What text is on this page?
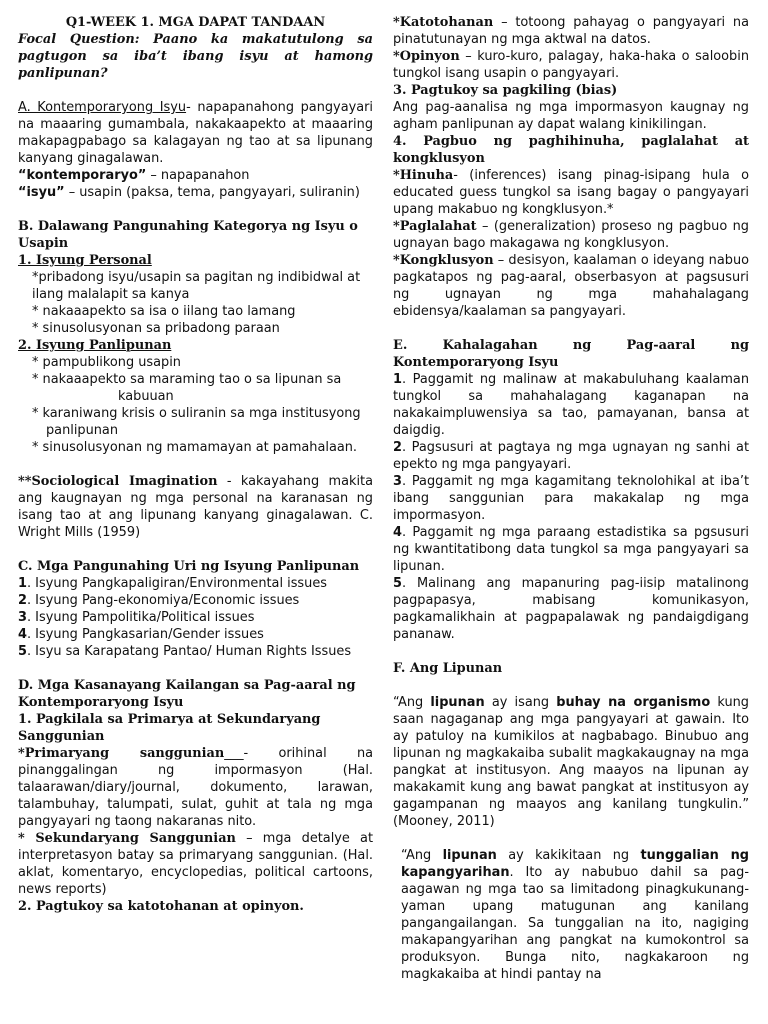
Q1-WEEK 1. MGA DAPAT TANDAAN

Focal Question: Paano ka makatutulong sa pagtugon sa iba’t ibang isyu at hamong panlipunan?

A. Kontemporaryong Isyu- napapanahong pangyayari na maaaring gumambala, nakakaapekto at maaaring makapagpabago sa kalagayan ng tao at sa lipunang kanyang ginagalawan.

“kontemporaryo” – napapanahon

“isyu” – usapin (paksa, tema, pangyayari, suliranin)

B. Dalawang Pangunahing Kategorya ng Isyu o Usapin

1. Isyung Personal

*pribadong isyu/usapin sa pagitan ng indibidwal at ilang malalapit sa kanya

* nakaaapekto sa isa o iilang tao lamang

* sinusolusyonan sa pribadong paraan

2. Isyung Panlipunan

* pampublikong usapin

* nakaaapekto sa maraming tao o sa lipunan sa

kabuuan

* karaniwang krisis o suliranin sa mga institusyong

panlipunan

* sinusolusyonan ng mamamayan at pamahalaan.

**Sociological Imagination - kakayahang makita ang kaugnayan ng mga personal na karanasan ng isang tao at ang lipunang kanyang ginagalawan. C. Wright Mills (1959)

C. Mga Pangunahing Uri ng Isyung Panlipunan

1. Isyung Pangkapaligiran/Environmental issues

2. Isyung Pang-ekonomiya/Economic issues

3. Isyung Pampolitika/Political issues

4. Isyung Pangkasarian/Gender issues

5. Isyu sa Karapatang Pantao/ Human Rights Issues

D. Mga Kasanayang Kailangan sa Pag-aaral ng Kontemporaryong Isyu

1. Pagkilala sa Primarya at Sekundaryang Sanggunian

*Primaryang sanggunian___- orihinal na pinanggalingan ng impormasyon (Hal. talaarawan/diary/journal, dokumento, larawan, talambuhay, talumpati, sulat, guhit at tala ng mga pangyayari ng taong nakaranas nito.

* Sekundaryang Sanggunian – mga detalye at interpretasyon batay sa primaryang sanggunian. (Hal. aklat, komentaryo, encyclopedias, political cartoons, news reports)

2. Pagtukoy sa katotohanan at opinyon.

*Katotohanan – totoong pahayag o pangyayari na pinatutunayan ng mga aktwal na datos.

*Opinyon – kuro-kuro, palagay, haka-haka o saloobin tungkol isang usapin o pangyayari.

3. Pagtukoy sa pagkiling (bias)

Ang pag-aanalisa ng mga impormasyon kaugnay ng agham panlipunan ay dapat walang kinikilingan.

4. Pagbuo ng paghihinuha, paglalahat at kongklusyon

*Hinuha- (inferences) isang pinag-isipang hula o educated guess tungkol sa isang bagay o pangyayari upang makabuo ng kongklusyon.*

*Paglalahat – (generalization) proseso ng pagbuo ng ugnayan bago makagawa ng kongklusyon.

*Kongklusyon – desisyon, kaalaman o ideyang nabuo pagkatapos ng pag-aaral, obserbasyon at pagsusuri ng ugnayan ng mga mahahalagang ebidensya/kaalaman sa pangyayari.

E. Kahalagahan ng Pag-aaral ng Kontemporaryong Isyu

1. Paggamit ng malinaw at makabuluhang kaalaman tungkol sa mahahalagang kaganapan na nakakaimpluwensiya sa tao, pamayanan, bansa at daigdig.

2. Pagsusuri at pagtaya ng mga ugnayan ng sanhi at epekto ng mga pangyayari.

3. Paggamit ng mga kagamitang teknolohikal at iba’t ibang sanggunian para makakalap ng mga impormasyon.

4. Paggamit ng mga paraang estadistika sa pgsusuri ng kwantitatibong data tungkol sa mga pangyayari sa lipunan.

5. Malinang ang mapanuring pag-iisip matalinong pagpapasya, mabisang komunikasyon, pagkamalikhain at pagpapalawak ng pandaigdigang pananaw.

F. Ang Lipunan

“Ang lipunan ay isang buhay na organismo kung saan nagaganap ang mga pangyayari at gawain. Ito ay patuloy na kumikilos at nagbabago. Binubuo ang lipunan ng magkakaiba subalit magkakaugnay na mga pangkat at institusyon. Ang maayos na lipunan ay makakamit kung ang bawat pangkat at institusyon ay gagampanan ng maayos ang kanilang tungkulin.” (Mooney, 2011)

“Ang lipunan ay kakikitaan ng tunggalian ng kapangyarihan. Ito ay nabubuo dahil sa pag-aagawan ng mga tao sa limitadong pinagkukunang-yaman upang matugunan ang kanilang pangangailangan. Sa tunggalian na ito, nagiging makapangyarihan ang pangkat na kumokontrol sa produksyon. Bunga nito, nagkakaroon ng magkakaiba at hindi pantay na
